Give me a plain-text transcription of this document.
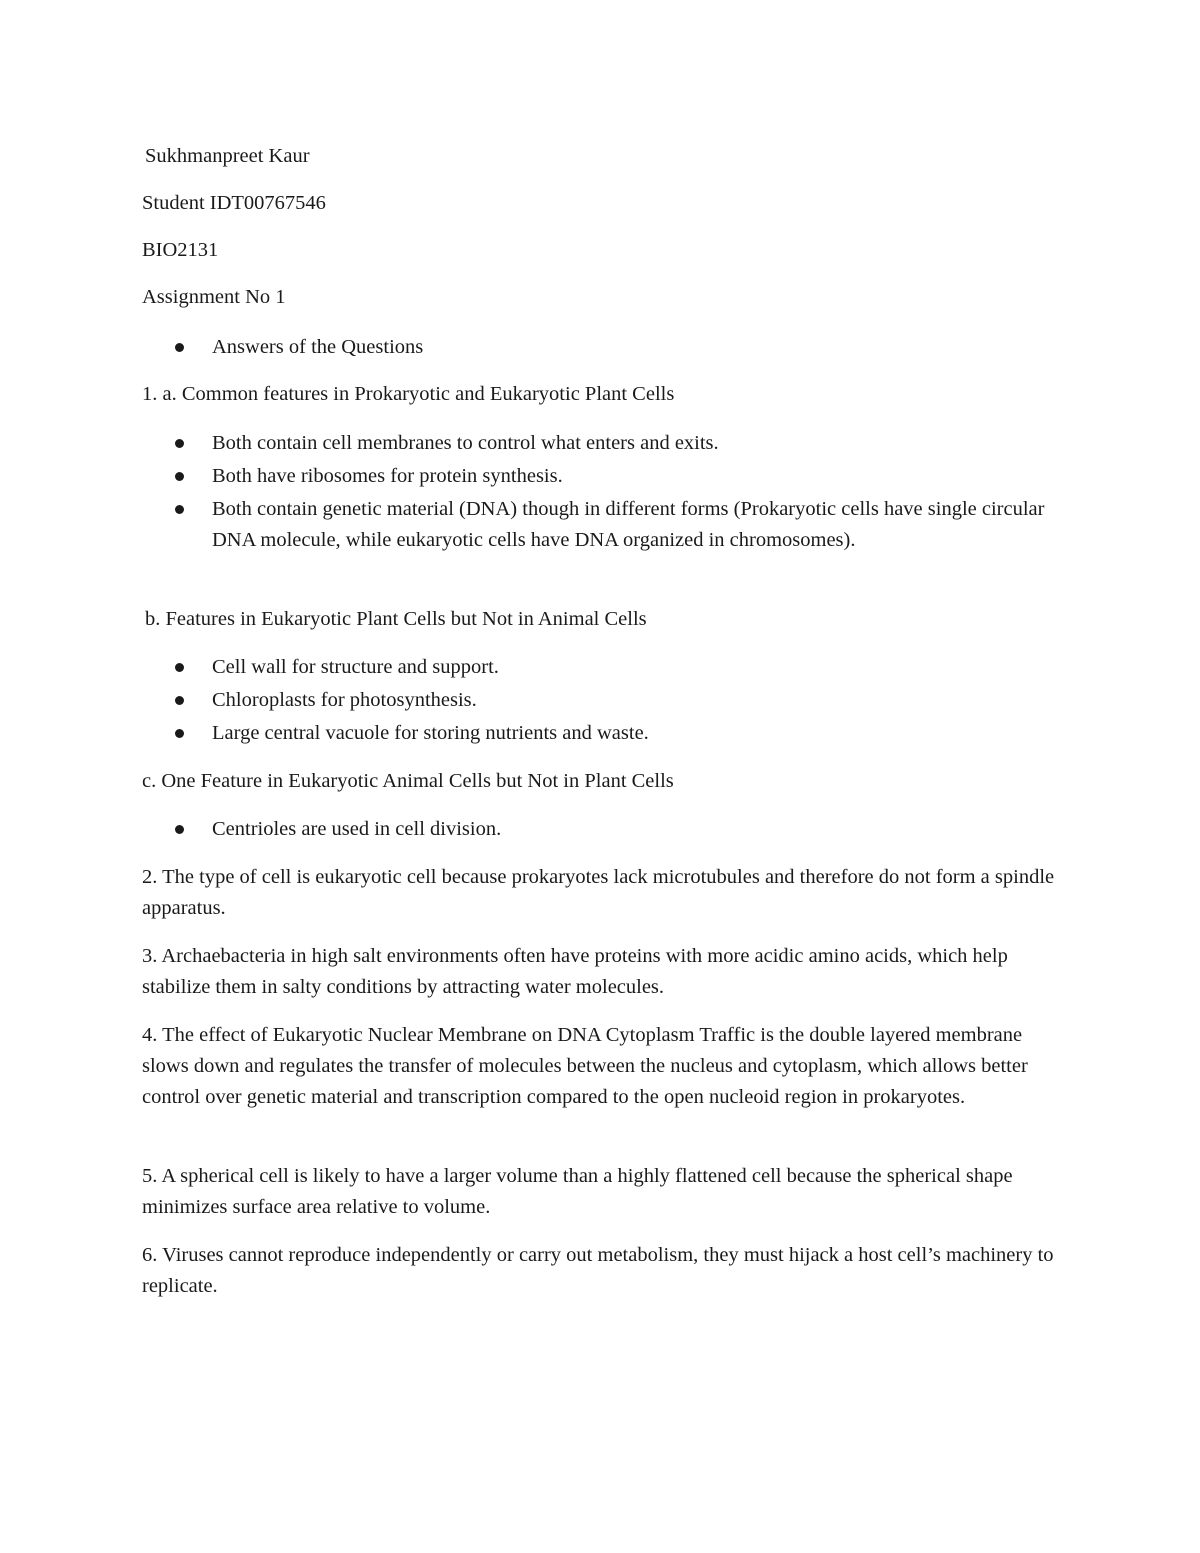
Sukhmanpreet Kaur
Student IDT00767546
BIO2131
Assignment No 1
Answers of the Questions
1. a. Common features in Prokaryotic and Eukaryotic Plant Cells
Both contain cell membranes to control what enters and exits.
Both have ribosomes for protein synthesis.
Both contain genetic material (DNA) though in different forms (Prokaryotic cells have single circular DNA molecule, while eukaryotic cells have DNA organized in chromosomes).
b. Features in Eukaryotic Plant Cells but Not in Animal Cells
Cell wall for structure and support.
Chloroplasts for photosynthesis.
Large central vacuole for storing nutrients and waste.
c. One Feature in Eukaryotic Animal Cells but Not in Plant Cells
Centrioles are used in cell division.
2. The type of cell is eukaryotic cell because prokaryotes lack microtubules and therefore do not form a spindle apparatus.
3. Archaebacteria in high salt environments often have proteins with more acidic amino acids, which help stabilize them in salty conditions by attracting water molecules.
4. The effect of Eukaryotic Nuclear Membrane on DNA Cytoplasm Traffic is the double layered membrane slows down and regulates the transfer of molecules between the nucleus and cytoplasm, which allows better control over genetic material and transcription compared to the open nucleoid region in prokaryotes.
5. A spherical cell is likely to have a larger volume than a highly flattened cell because the spherical shape minimizes surface area relative to volume.
6. Viruses cannot reproduce independently or carry out metabolism, they must hijack a host cell’s machinery to replicate.
